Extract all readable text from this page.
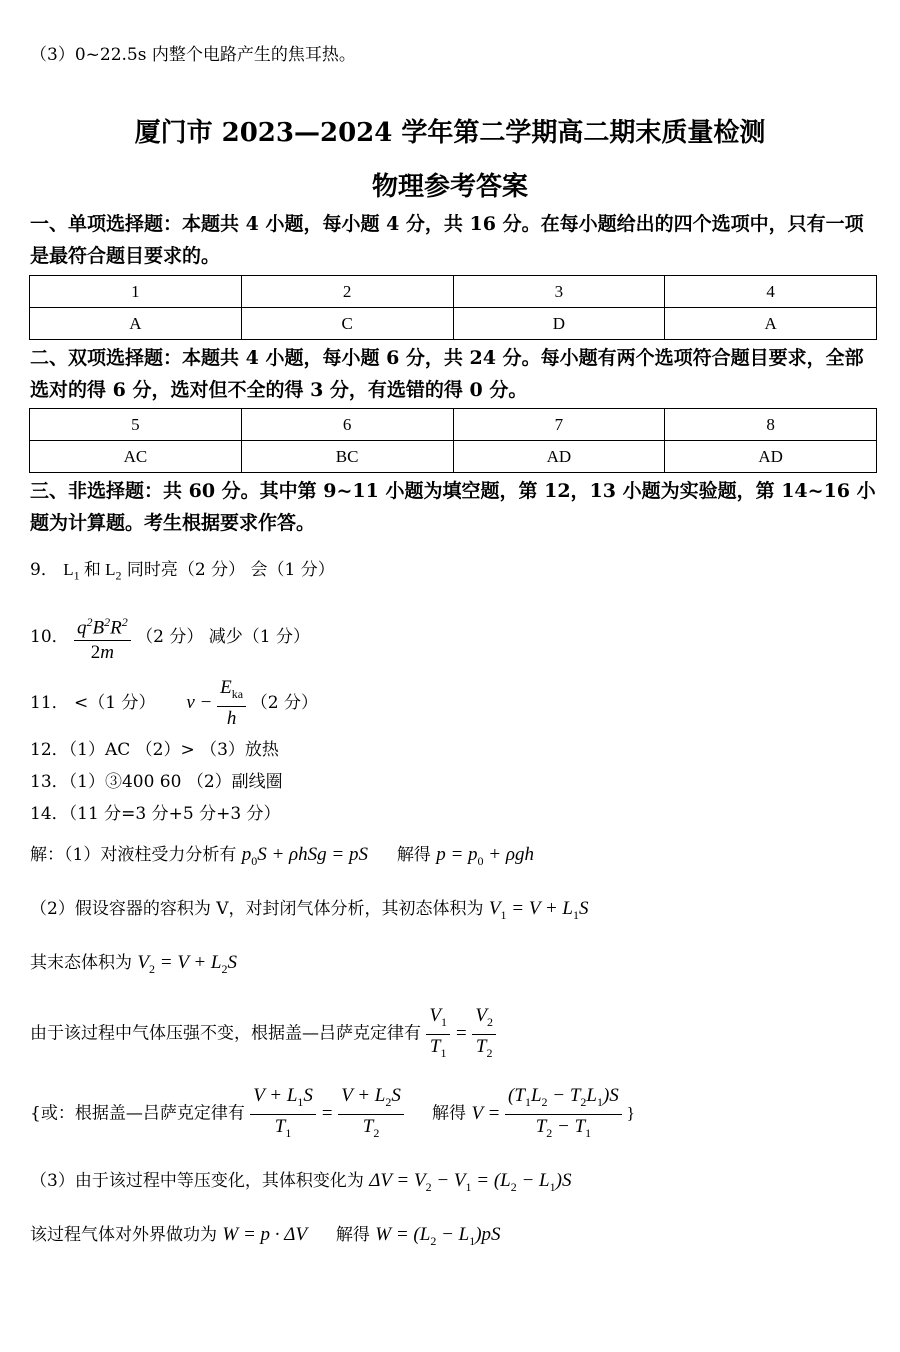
（3）0~22.5s 内整个电路产生的焦耳热。
厦门市 2023—2024 学年第二学期高二期末质量检测
物理参考答案
一、单项选择题：本题共 4 小题，每小题 4 分，共 16 分。在每小题给出的四个选项中，只有一项是最符合题目要求的。
1	2	3	4
A	C	D	A
二、双项选择题：本题共 4 小题，每小题 6 分，共 24 分。每小题有两个选项符合题目要求，全部选对的得 6 分，选对但不全的得 3 分，有选错的得 0 分。
5	6	7	8
AC	BC	AD	AD
三、非选择题：共 60 分。其中第 9~11 小题为填空题，第 12，13 小题为实验题，第 14~16 小题为计算题。考生根据要求作答。
9． $L_1$ 和 $L_2$ 同时亮（2 分） 会（1 分）
10． $\frac{q^2B^2R^2}{2m} (2$ 分） 减少（1 分）
11． <（1 分） $\nu - \frac{E_{ka}}{h} (2$ 分）
12．（1）AC （2）> （3）放热
13．（1）③400 60 （2）副线圈
14．（11 分=3 分+5 分+3 分）
解：（1）对液柱受力分析有 $p_0S + \rho hSg$ = pS 解得 $p = p_0 + \rho gh$
（2）假设容器的容积为 V，对封闭气体分析，其初态体积为 $V_1 = V + L_1S$
其末态体积为 $V_2 = V + L_2S$
由于该过程中气体压强不变，根据盖—吕萨克定律有 $\frac{V_1}{T_1} = \frac{V_2}{T_2}$
{或：根据盖—吕萨克定律有 $\frac{V + L_1S}{T_1} = \frac{V + L_2S}{T_2}$ 解得 $V = \frac{(T_1L_2 - T_2L_1)S}{T_2 - T_1}$ }
（3）由于该过程中等压变化，其体积变化为 $\Delta V = V_2 - V_1 = (L_2 - L_1)S$
该过程气体对外界做功为 W = p · ΔV 解得 $W = (L_2 - L_1)pS$
